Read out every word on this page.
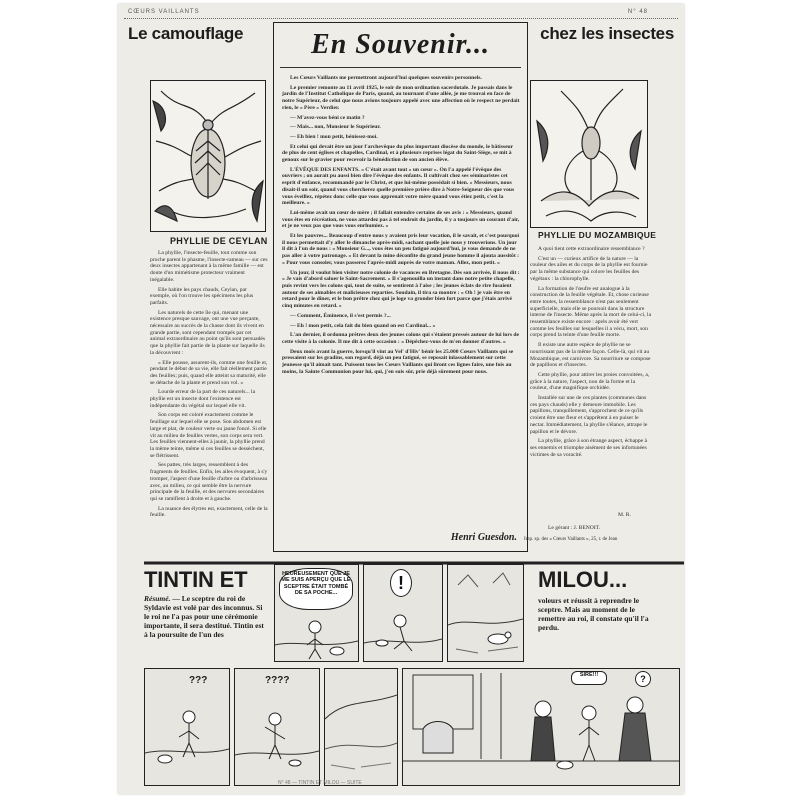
CŒURS VAILLANTS	N° 48
Le camouflage
PHYLLIE DE CEYLAN

La phyllie, l'insecte-feuille, tout comme son proche parent le phasme, l'insecte-rameau — sur ces deux insectes appartenant à la même famille — est doute d'un mimétisme protecteur vraiment inégalable.

Elle habite les pays chauds, Ceylan, par exemple, où l'on trouve les spécimens les plus parfaits.

Les naturels de cette île qui, menant une existence presque sauvage, ont une vue perçante, nécessaire au succès de la chasse dont ils vivent en grande partie, sont cependant trompés par cet animal extraordinaire au point qu'ils sont persuadés que la phyllie fait partie de la plante sur laquelle ils la découvrent :

« Elle pousse, assurent-ils, comme une feuille et, pendant le début de sa vie, elle fait réellement partie des feuilles; puis, quand elle atteint sa maturité, elle se détache de la plante et prend son vol. »

Lourde erreur de la part de ces naturels... la phyllie est un insecte dont l'existence est indépendante du végétal sur lequel elle vit.

Son corps est coloré exactement comme le feuillage sur lequel elle se pose. Son abdomen est large et plat, de couleur verte ou jaune foncé. Si elle vit au milieu de feuilles vertes, son corps sera vert. Les feuilles viennent-elles à jaunir, la phyllie prend la même teinte, même si ces feuilles se dessèchent, se flétrissent.

Ses pattes, très larges, ressemblent à des fragments de feuilles. Enfin, les ailes évoquent, à s'y tromper, l'aspect d'une feuille d'arbre ou d'arbrisseau avec, au milieu, ce qui semble être la nervure principale de la feuille, et des nervures secondaires qui se ramifient à droite et à gauche.

La nuance des élytres est, exactement, celle de la feuille.

En Souvenir...

Les Cœurs Vaillants me permettront aujourd'hui quelques souvenirs personnels.

Le premier remonte au 11 avril 1925, le soir de mon ordination sacerdotale. Je passais dans le jardin de l'Institut Catholique de Paris, quand, au tournant d'une allée, je me trouvai en face de notre Supérieur, de celui que nous avions toujours appelé avec une affection où le respect ne perdait rien, le « Père » Verdier.

— M'avez-vous béni ce matin ?

— Mais... non, Monsieur le Supérieur.

— Eh bien ! mon petit, bénissez-moi.

Et celui qui devait être un jour l'archevêque du plus important diocèse du monde, le bâtisseur de plus de cent églises et chapelles, Cardinal, et à plusieurs reprises légat du Saint-Siège, se mit à genoux sur le gravier pour recevoir la bénédiction de son ancien élève.

L'ÉVÊQUE DES ENFANTS. « C'était avant tout « un cœur ». On l'a appelé l'évêque des ouvriers ; on aurait pu aussi bien dire l'évêque des enfants. Il cultivait chez ses séminaristes cet esprit d'enfance, recommandé par le Christ, et que lui-même possédait si bien. « Messieurs, nous disait-il un soir, quand vous chercherez quelle première prière dire à Notre-Seigneur dès que vous vous éveillez, répétez donc celle que vous apprenait votre mère quand vous étiez petit, c'est la meilleure. »

Lui-même avait un cœur de mère ; il fallait entendre certains de ses avis : « Messieurs, quand vous êtes en récréation, ne vous attardez pas à tel endroit du jardin, il y a toujours un courant d'air, et je ne veux pas que vous vous enrhumiez. »

Et les pauvres... Beaucoup d'entre nous y avaient pris leur vocation, il le savait, et c'est pourquoi il nous permettait d'y aller le dimanche après-midi, sachant quelle joie nous y trouverions. Un jour il dit à l'un de nous : « Monsieur G..., vous êtes un peu fatigué aujourd'hui, je vous demande de ne pas aller à votre patronage. » Et devant la mine déconfite du grand jeune homme il ajouta aussitôt : « Pour vous consoler, vous passerez l'après-midi auprès de votre maman. Allez, mon petit. »

Un jour, il voulut bien visiter notre colonie de vacances en Bretagne. Dès son arrivée, il nous dit : « Je vais d'abord saluer le Saint-Sacrement. » Il s'agenouilla un instant dans notre petite chapelle, puis revint vers les colons qui, tout de suite, se sentirent à l'aise ; les jeunes éclats de rire fusaient autour de ses aimables et malicieuses reparties. Soudain, il tira sa montre : « Oh ! je vais être en retard pour le dîner, et le bon prêtre chez qui je loge va gronder bien fort parce que j'étais arrivé cinq minutes en retard. »

— Comment, Éminence, il s'est permis ?...

— Eh ! mon petit, cela fait du bien quand on est Cardinal... »

L'an dernier, il ordonna prêtres deux des jeunes colons qui s'étaient pressés autour de lui lors de cette visite à la colonie. Il me dit à cette occasion : « Dépêchez-vous de m'en donner d'autres. »

Deux mois avant la guerre, lorsqu'il vint au Vel' d'Hiv' bénir les 25.000 Cœurs Vaillants qui se pressaient sur les gradins, son regard, déjà un peu fatigué, se reposait inlassablement sur cette jeunesse qu'il aimait tant. Puissent tous les Cœurs Vaillants qui liront ces lignes faire, une fois au moins, la Sainte Communion pour lui, qui, j'en suis sûr, prie déjà sûrement pour nous.

Henri Guesdon.
chez les insectes
PHYLLIE DU MOZAMBIQUE

A quoi tient cette extraordinaire ressemblance ?

C'est un — curieux artifice de la nature — la couleur des ailes et du corps de la phyllie est fournie par la même substance qui colore les feuilles des végétaux : la chlorophylle.

La formation de l'œufre est analogue à la construction de la feuille végétale. Et, chose curieuse entre toutes, la ressemblance n'est pas seulement superficielle, mais elle se poursuit dans la structure interne de l'insecte. Même après la mort de celui-ci, la ressemblance existe encore : après avoir été vert comme les feuilles sur lesquelles il a vécu, mort, son corps prend la teinte d'une feuille morte.

Il existe une autre espèce de phyllie ne se nourrissant pas de la même façon. Celle-là, qui vit au Mozambique, est carnivore. Sa nourriture se compose de papillons et d'insectes.

Cette phyllie, pour attirer les proies convoitées, a, grâce à la nature, l'aspect, non de la forme et la couleur, d'une magnifique orchidée.

Installée sur une de ces plantes (communes dans ces pays chauds) elle y demeure immobile. Les papillons, tranquillement, s'approchent de ce qu'ils croient être une fleur et s'apprêtent à en puiser le nectar. Immédiatement, la phyllie s'élance, attrape le papillon et le dévore.

La phyllie, grâce à son étrange aspect, échappe à ses ennemis et triomphe aisément de ses infortunées victimes de sa voracité.

M. R.
Le gérant : J. BENOIT.
Imp. sp. des « Cœurs Vaillants », 25, r. de Jean
TINTIN ET
Résumé. — Le sceptre du roi de Syldavie est volé par des inconnus. Si le roi ne l'a pas pour une cérémonie importante, il sera destitué. Tintin est à la poursuite de l'un des
HEUREUSEMENT QUE JE ME SUIS APERÇU QUE LE SCEPTRE ÉTAIT TOMBÉ DE SA POCHE...
!	MILOU...
voleurs et réussit à reprendre le sceptre. Mais au moment de le remettre au roi, il constate qu'il l'a perdu.
???	????	SIRE!!!	?
N° 48 — TINTIN ET MILOU — SUITE
